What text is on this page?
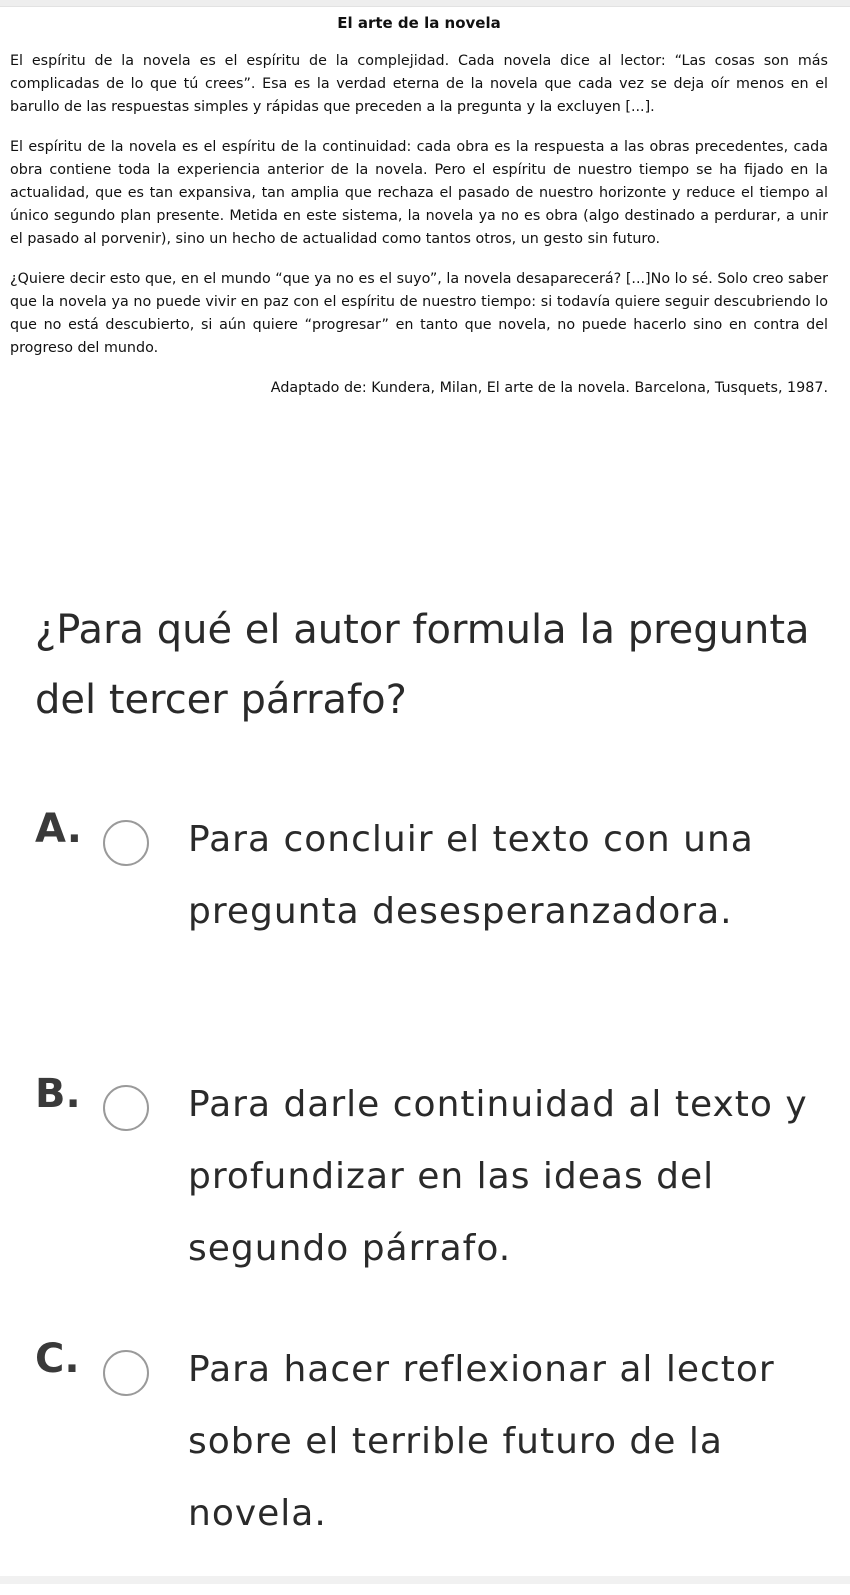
El arte de la novela

El espíritu de la novela es el espíritu de la complejidad. Cada novela dice al lector: “Las cosas son más complicadas de lo que tú crees”. Esa es la verdad eterna de la novela que cada vez se deja oír menos en el barullo de las respuestas simples y rápidas que preceden a la pregunta y la excluyen [...].

El espíritu de la novela es el espíritu de la continuidad: cada obra es la respuesta a las obras precedentes, cada obra contiene toda la experiencia anterior de la novela. Pero el espíritu de nuestro tiempo se ha fijado en la actualidad, que es tan expansiva, tan amplia que rechaza el pasado de nuestro horizonte y reduce el tiempo al único segundo plan presente. Metida en este sistema, la novela ya no es obra (algo destinado a perdurar, a unir el pasado al porvenir), sino un hecho de actualidad como tantos otros, un gesto sin futuro.

¿Quiere decir esto que, en el mundo “que ya no es el suyo”, la novela desaparecerá? [...]No lo sé. Solo creo saber que la novela ya no puede vivir en paz con el espíritu de nuestro tiempo: si todavía quiere seguir descubriendo lo que no está descubierto, si aún quiere “progresar” en tanto que novela, no puede hacerlo sino en contra del progreso del mundo.

Adaptado de: Kundera, Milan, El arte de la novela. Barcelona, Tusquets, 1987.

¿Para qué el autor formula la pregunta del tercer párrafo?

A.	Para concluir el texto con una pregunta desesperanzadora.
B.	Para darle continuidad al texto y profundizar en las ideas del segundo párrafo.
C.	Para hacer reflexionar al lector sobre el terrible futuro de la novela.
